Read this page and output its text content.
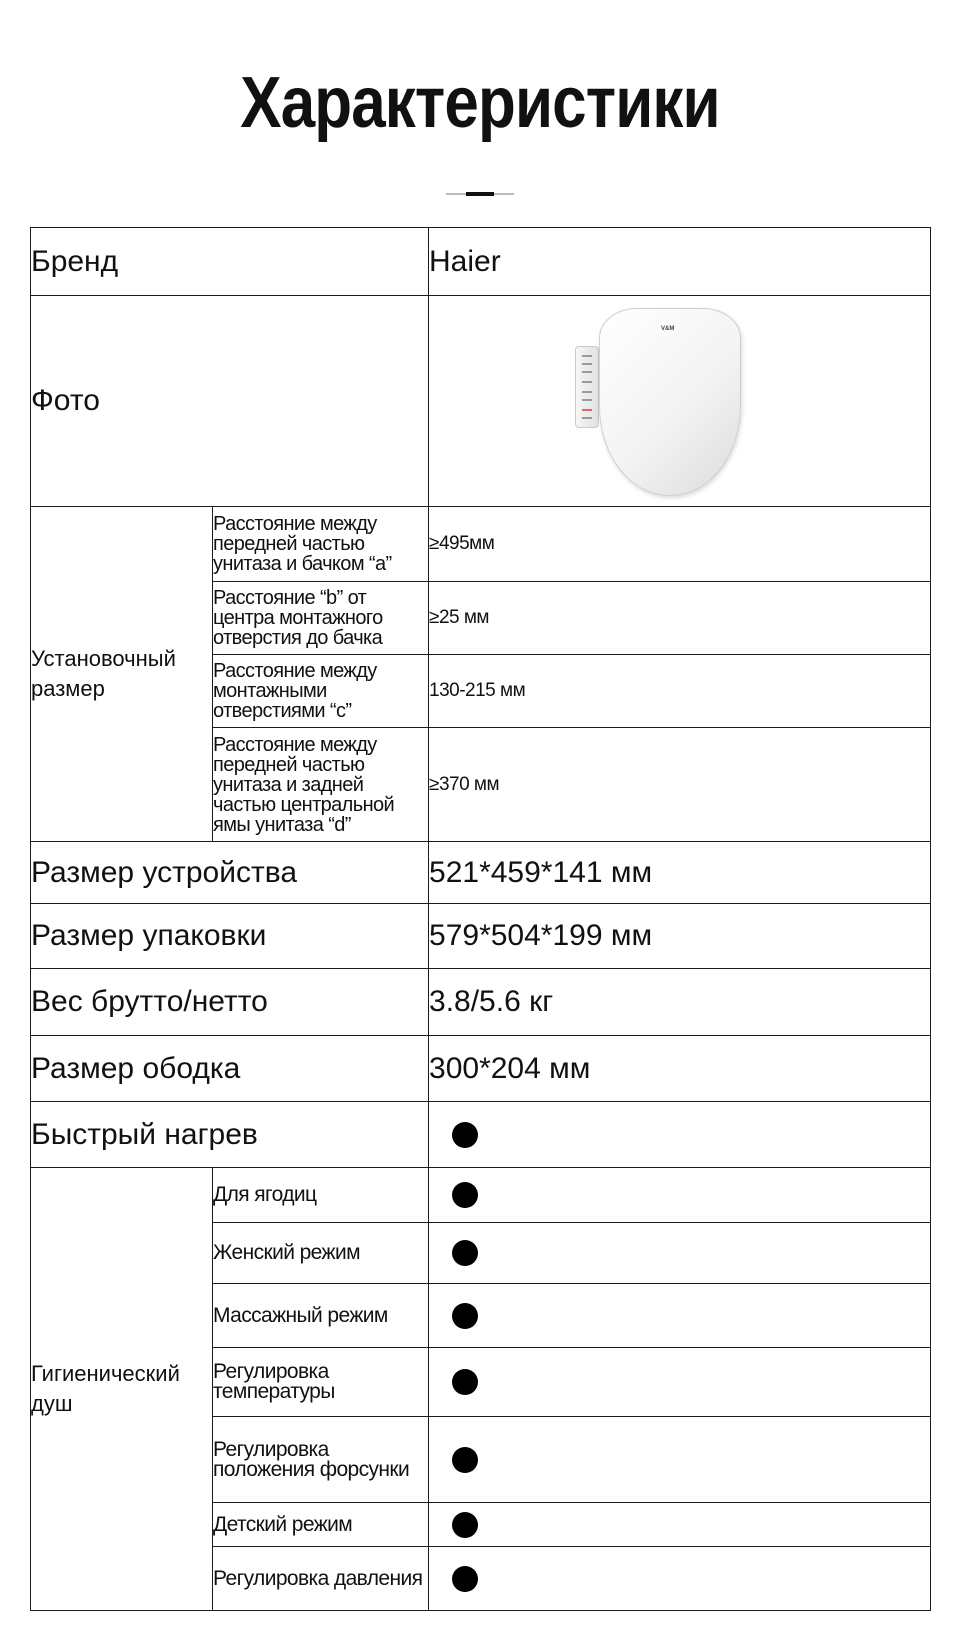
Характеристики
Бренд		Haier
Фото		V&M

Установочный размер	Расстояние между передней частью унитаза и бачком “a”	≥495мм
	Расстояние “b” от центра монтажного отверстия до бачка	≥25 мм
	Расстояние между монтажными отверстиями “c”	130-215 мм
	Расстояние между передней частью унитаза и задней частью центральной ямы унитаза “d”	≥370 мм
Размер устройства		521*459*141 мм
Размер упаковки		579*504*199 мм
Вес брутто/нетто		3.8/5.6 кг
Размер ободка		300*204 мм
Быстрый нагрев		
Гигиенический душ	Для ягодиц	
	Женский режим	
	Массажный режим	
	Регулировка температуры	
	Регулировка положения форсунки	
	Детский режим	
	Регулировка давления	
